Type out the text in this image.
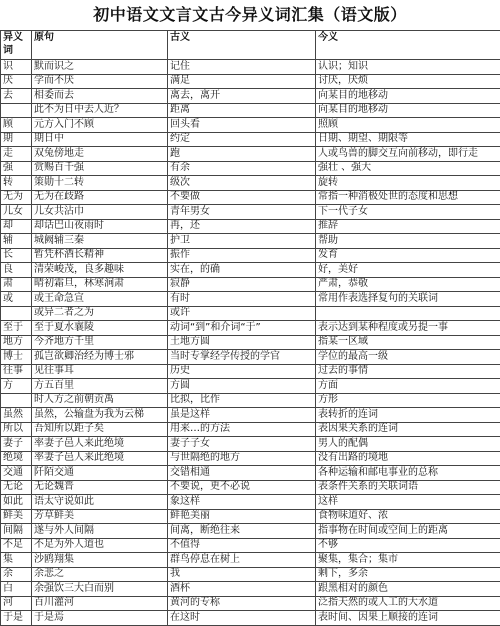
初中语文文言文古今异义词汇集（语文版）
异义词	原句	古义	今义
识	默而识之	记住	认识；知识
厌	学而不厌	满足	讨厌，厌烦
去	相委而去	离去，离开	向某目的地移动
	此不为日中去人近？	距离	向某目的地移动
顾	元方入门不顾	回头看	照顾
期	期日中	约定	日期、期望、期限等
走	双兔傍地走	跑	人或鸟兽的脚交互向前移动，即行走
强	赏赐百千强	有余	强壮 、强大
转	策勋十二转	级次	旋转
无为	无为在歧路	不要做	常指一种消极处世的态度和思想
儿女	儿女共沾巾	青年男女	下一代子女
却	却话巴山夜雨时	再，还	推辞
辅	城阙辅三秦	护卫	帮助
长	暂凭杯酒长精神	振作	发育
良	清荣峻茂，良多趣味	实在，的确	好，美好
肃	晴初霜旦，林寒涧肃	寂静	严肃，恭敬
或	或王命急宣	有时	常用作表选择复句的关联词
	或异二者之为	或许	
至于	至于夏水襄陵	动词“到”和介词“于”	表示达到某种程度或另提一事
地方	今齐地方千里	土地方圆	指某一区域
博士	孤岂欲卿治经为博士邪	当时专掌经学传授的学官	学位的最高一级
往事	见往事耳	历史	过去的事情
方	方五百里	方圆	方面
	时人方之前朝贡禹	比拟，比作	方形
虽然	虽然，公输盘为我为云梯	虽是这样	表转折的连词
所以	吾知所以距子矣	用来…的方法	表因果关系的连词
妻子	率妻子邑人来此绝境	妻子子女	男人的配偶
绝境	率妻子邑人来此绝境	与世隔绝的地方	没有出路的境地
交通	阡陌交通	交错相通	各种运输和邮电事业的总称
无论	无论魏晋	不要说，更不必说	表条件关系的关联词语
如此	语太守说如此	象这样	这样
鲜美	芳草鲜美	鲜艳美丽	食物味道好、浓
间隔	遂与外人间隔	间离，断绝往来	指事物在时间或空间上的距离
不足	不足为外人道也	不值得	不够
集	沙鸥翔集	群鸟停息在树上	聚集，集合；集市
余	余悲之	我	剩下，多余
白	余强饮三大白而别	酒杯	跟黑相对的颜色
河	百川灌河	黄河的专称	泛指天然的或人工的大水道
于是	于是焉	在这时	表时间、因果上顺接的连词
